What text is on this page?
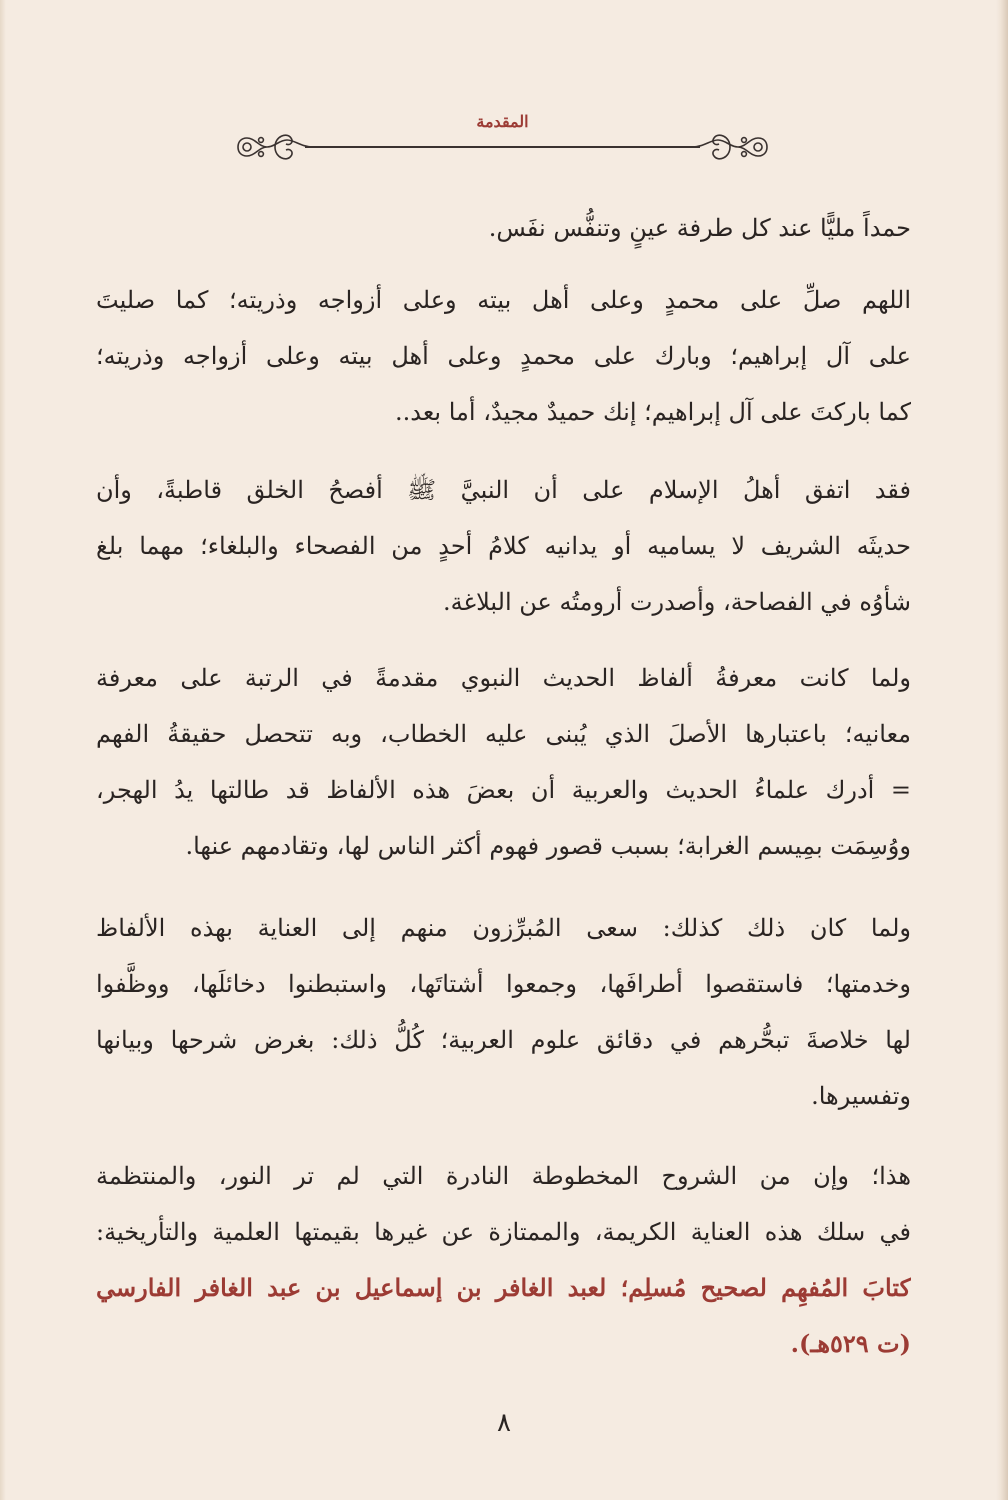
المقدمة
حمداً مليًّا عند كل طرفة عينٍ وتنفُّس نفَس.
اللهم صلِّ على محمدٍ وعلى أهل بيته وعلى أزواجه وذريته؛ كما صليتَ
على آل إبراهيم؛ وبارك على محمدٍ وعلى أهل بيته وعلى أزواجه وذريته؛
كما باركتَ على آل إبراهيم؛ إنك حميدٌ مجيدٌ، أما بعد..
فقد اتفق أهلُ الإسلام على أن النبيَّ ﷺ أفصحُ الخلق قاطبةً، وأن
حديثَه الشريف لا يساميه أو يدانيه كلامُ أحدٍ من الفصحاء والبلغاء؛ مهما بلغ
شأوُه في الفصاحة، وأصدرت أرومتُه عن البلاغة.
ولما كانت معرفةُ ألفاظ الحديث النبوي مقدمةً في الرتبة على معرفة
معانيه؛ باعتبارها الأصلَ الذي يُبنى عليه الخطاب، وبه تتحصل حقيقةُ الفهم
= أدرك علماءُ الحديث والعربية أن بعضَ هذه الألفاظ قد طالتها يدُ الهجر،
ووُسِمَت بمِيسم الغرابة؛ بسبب قصور فهوم أكثر الناس لها، وتقادمهم عنها.
ولما كان ذلك كذلك: سعى المُبرِّزون منهم إلى العناية بهذه الألفاظ
وخدمتها؛ فاستقصوا أطرافَها، وجمعوا أشتاتَها، واستبطنوا دخائلَها، ووظَّفوا
لها خلاصةَ تبحُّرهم في دقائق علوم العربية؛ كُلُّ ذلك: بغرض شرحها وبيانها
وتفسيرها.
هذا؛ وإن من الشروح المخطوطة النادرة التي لم تر النور، والمنتظمة
في سلك هذه العناية الكريمة، والممتازة عن غيرها بقيمتها العلمية والتأريخية:
كتابَ المُفهِم لصحيح مُسلِم؛ لعبد الغافر بن إسماعيل بن عبد الغافر الفارسي
(ت ٥٢٩هـ).
٨
